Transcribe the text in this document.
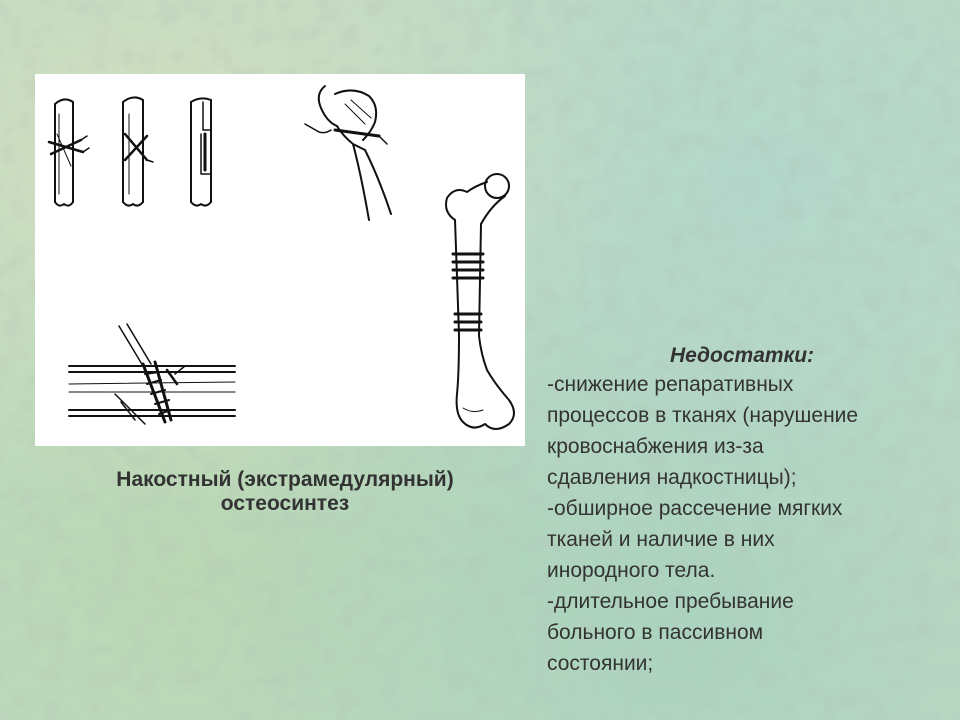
Накостный (экстрамедулярный)
остеосинтез
Недостатки:
-снижение репаративных
процессов в тканях (нарушение
кровоснабжения из-за
сдавления надкостницы);
-обширное рассечение мягких
тканей и наличие в них
инородного тела.
-длительное пребывание
больного в пассивном
состоянии;
